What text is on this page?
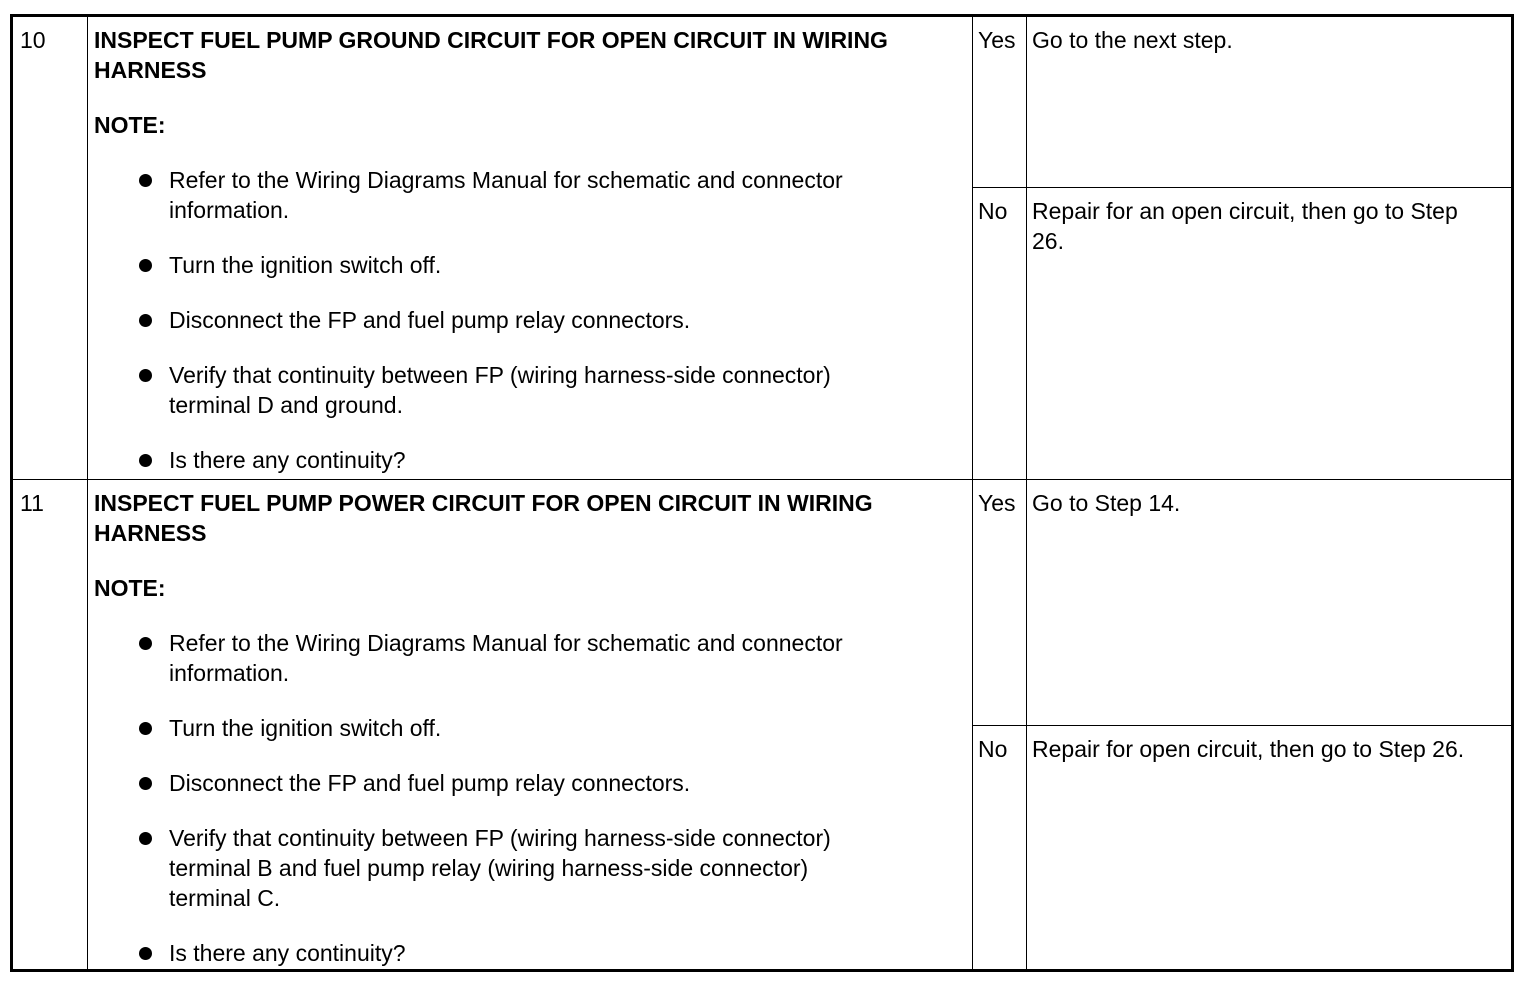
10 INSPECT FUEL PUMP GROUND CIRCUIT FOR OPEN CIRCUIT IN WIRING
HARNESS
NOTE:
Refer to the Wiring Diagrams Manual for schematic and connector
information.
Turn the ignition switch off.
Disconnect the FP and fuel pump relay connectors.
Verify that continuity between FP (wiring harness-side connector)
terminal D and ground.
Is there any continuity?
Yes
No
Go to the next step.
Repair for an open circuit, then go to Step
26.
11 INSPECT FUEL PUMP POWER CIRCUIT FOR OPEN CIRCUIT IN WIRING
HARNESS
NOTE:
Refer to the Wiring Diagrams Manual for schematic and connector
information.
Turn the ignition switch off.
Disconnect the FP and fuel pump relay connectors.
Verify that continuity between FP (wiring harness-side connector)
terminal B and fuel pump relay (wiring harness-side connector)
terminal C.
Is there any continuity?
Yes
No
Go to Step 14.
Repair for open circuit, then go to Step 26.
